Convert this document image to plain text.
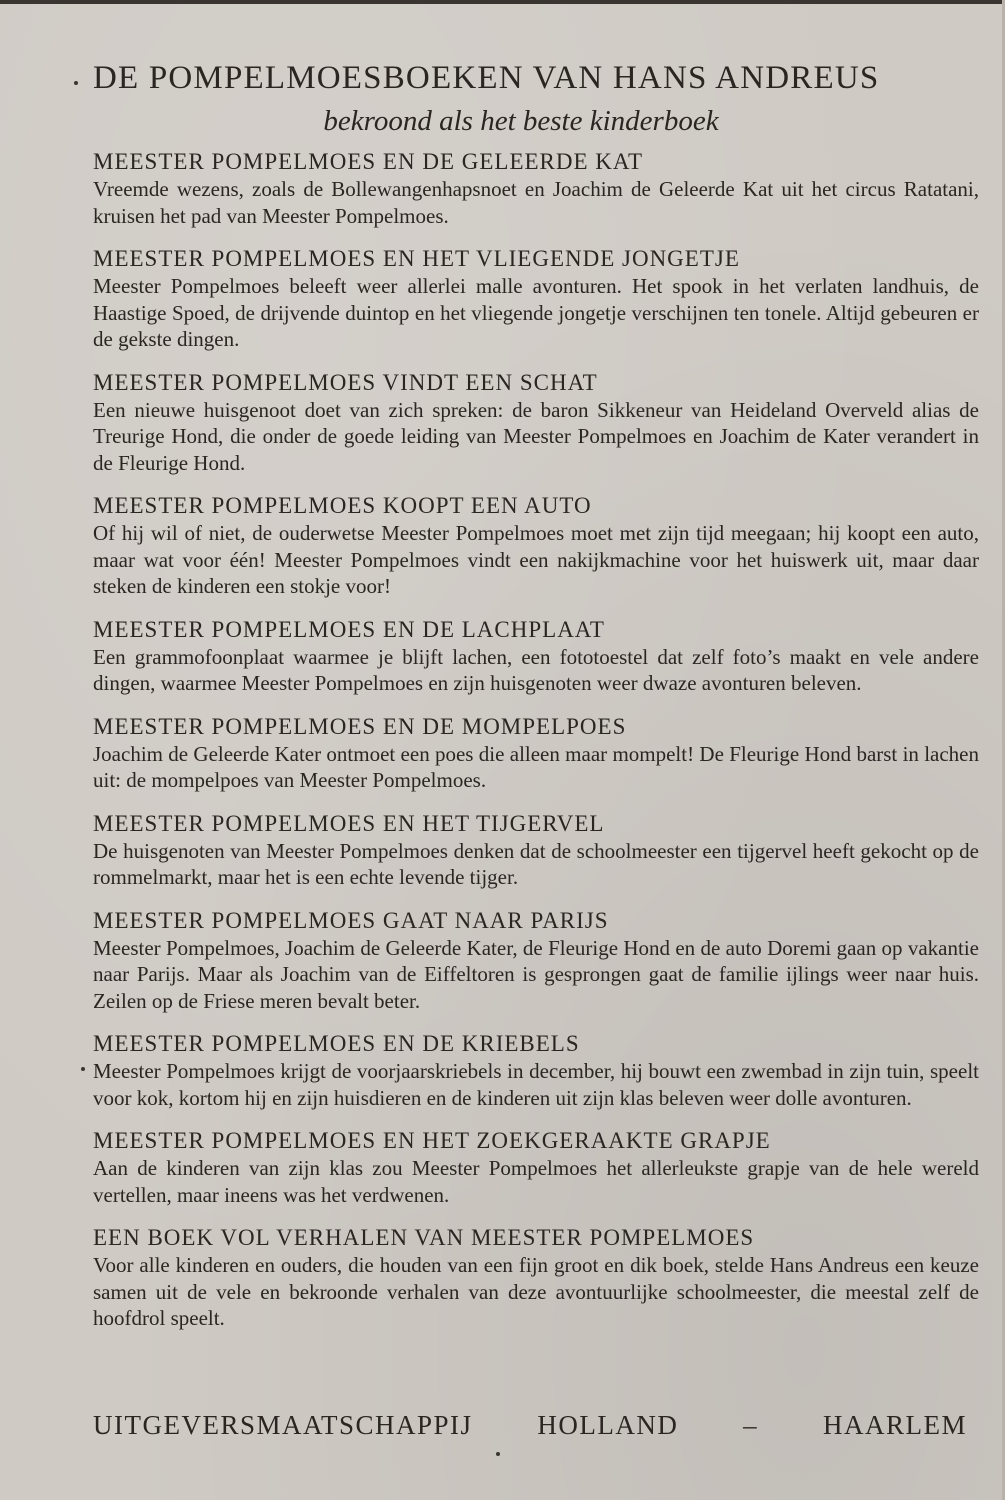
DE POMPELMOESBOEKEN VAN HANS ANDREUS
bekroond als het beste kinderboek
MEESTER POMPELMOES EN DE GELEERDE KAT

Vreemde wezens, zoals de Bollewangenhapsnoet en Joachim de Geleerde Kat uit het circus Ratatani, kruisen het pad van Meester Pompelmoes.

MEESTER POMPELMOES EN HET VLIEGENDE JONGETJE

Meester Pompelmoes beleeft weer allerlei malle avonturen. Het spook in het verlaten landhuis, de Haastige Spoed, de drijvende duintop en het vliegende jongetje verschijnen ten tonele. Altijd gebeuren er de gekste dingen.

MEESTER POMPELMOES VINDT EEN SCHAT

Een nieuwe huisgenoot doet van zich spreken: de baron Sikkeneur van Heideland Overveld alias de Treurige Hond, die onder de goede leiding van Meester Pompelmoes en Joachim de Kater verandert in de Fleurige Hond.

MEESTER POMPELMOES KOOPT EEN AUTO

Of hij wil of niet, de ouderwetse Meester Pompelmoes moet met zijn tijd meegaan; hij koopt een auto, maar wat voor één! Meester Pompelmoes vindt een nakijkmachine voor het huiswerk uit, maar daar steken de kinderen een stokje voor!

MEESTER POMPELMOES EN DE LACHPLAAT

Een grammofoonplaat waarmee je blijft lachen, een fototoestel dat zelf foto’s maakt en vele andere dingen, waarmee Meester Pompelmoes en zijn huisgenoten weer dwaze avonturen beleven.

MEESTER POMPELMOES EN DE MOMPELPOES

Joachim de Geleerde Kater ontmoet een poes die alleen maar mompelt! De Fleurige Hond barst in lachen uit: de mompelpoes van Meester Pompelmoes.

MEESTER POMPELMOES EN HET TIJGERVEL

De huisgenoten van Meester Pompelmoes denken dat de schoolmeester een tijgervel heeft gekocht op de rommelmarkt, maar het is een echte levende tijger.

MEESTER POMPELMOES GAAT NAAR PARIJS

Meester Pompelmoes, Joachim de Geleerde Kater, de Fleurige Hond en de auto Doremi gaan op vakantie naar Parijs. Maar als Joachim van de Eiffeltoren is gesprongen gaat de familie ijlings weer naar huis. Zeilen op de Friese meren bevalt beter.

MEESTER POMPELMOES EN DE KRIEBELS

Meester Pompelmoes krijgt de voorjaarskriebels in december, hij bouwt een zwembad in zijn tuin, speelt voor kok, kortom hij en zijn huisdieren en de kinderen uit zijn klas beleven weer dolle avonturen.

MEESTER POMPELMOES EN HET ZOEKGERAAKTE GRAPJE

Aan de kinderen van zijn klas zou Meester Pompelmoes het allerleukste grapje van de hele wereld vertellen, maar ineens was het verdwenen.

EEN BOEK VOL VERHALEN VAN MEESTER POMPELMOES

Voor alle kinderen en ouders, die houden van een fijn groot en dik boek, stelde Hans Andreus een keuze samen uit de vele en bekroonde verhalen van deze avontuurlijke schoolmeester, die meestal zelf de hoofdrol speelt.

UITGEVERSMAATSCHAPPIJ HOLLAND – HAARLEM
